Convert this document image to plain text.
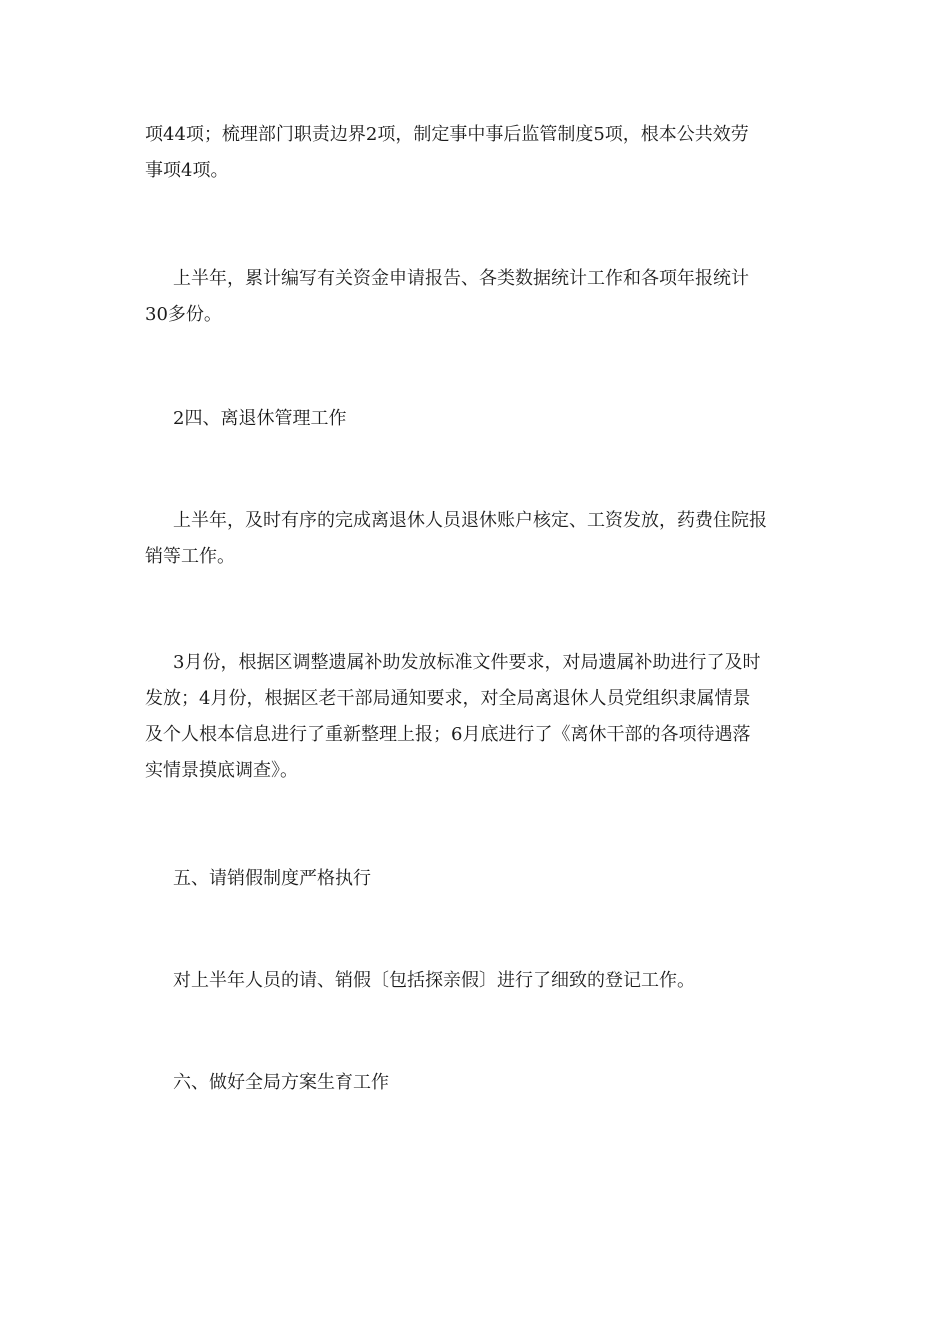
项44项；梳理部门职责边界2项，制定事中事后监管制度5项，根本公共效劳
事项4项。
上半年，累计编写有关资金申请报告、各类数据统计工作和各项年报统计
30多份。
2四、离退休管理工作
上半年，及时有序的完成离退休人员退休账户核定、工资发放，药费住院报
销等工作。
3月份，根据区调整遗属补助发放标准文件要求，对局遗属补助进行了及时
发放；4月份，根据区老干部局通知要求，对全局离退休人员党组织隶属情景
及个人根本信息进行了重新整理上报；6月底进行了《离休干部的各项待遇落
实情景摸底调查》。
五、请销假制度严格执行
对上半年人员的请、销假〔包括探亲假〕进行了细致的登记工作。
六、做好全局方案生育工作
